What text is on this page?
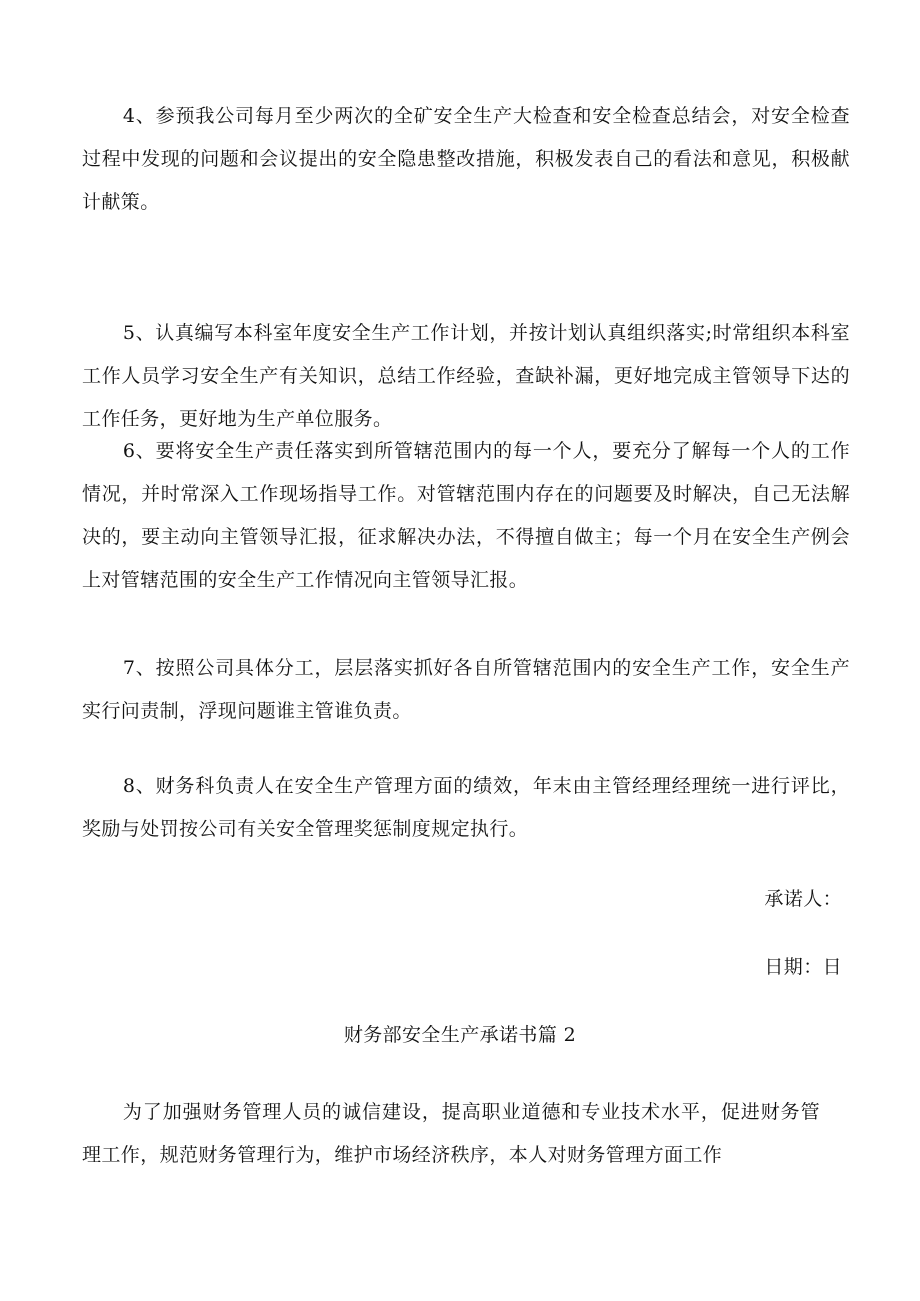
4、参预我公司每月至少两次的全矿安全生产大检查和安全检查总结会，对安全检查过程中发现的问题和会议提出的安全隐患整改措施，积极发表自己的看法和意见，积极献计献策。

5、认真编写本科室年度安全生产工作计划，并按计划认真组织落实;时常组织本科室工作人员学习安全生产有关知识，总结工作经验，查缺补漏，更好地完成主管领导下达的工作任务，更好地为生产单位服务。

6、要将安全生产责任落实到所管辖范围内的每一个人，要充分了解每一个人的工作情况，并时常深入工作现场指导工作。对管辖范围内存在的问题要及时解决，自己无法解决的，要主动向主管领导汇报，征求解决办法，不得擅自做主；每一个月在安全生产例会上对管辖范围的安全生产工作情况向主管领导汇报。

7、按照公司具体分工，层层落实抓好各自所管辖范围内的安全生产工作，安全生产实行问责制，浮现问题谁主管谁负责。

8、财务科负责人在安全生产管理方面的绩效，年末由主管经理经理统一进行评比，奖励与处罚按公司有关安全管理奖惩制度规定执行。

承诺人：

日期：日

财务部安全生产承诺书篇 2

为了加强财务管理人员的诚信建设，提高职业道德和专业技术水平，促进财务管理工作，规范财务管理行为，维护市场经济秩序，本人对财务管理方面工作
